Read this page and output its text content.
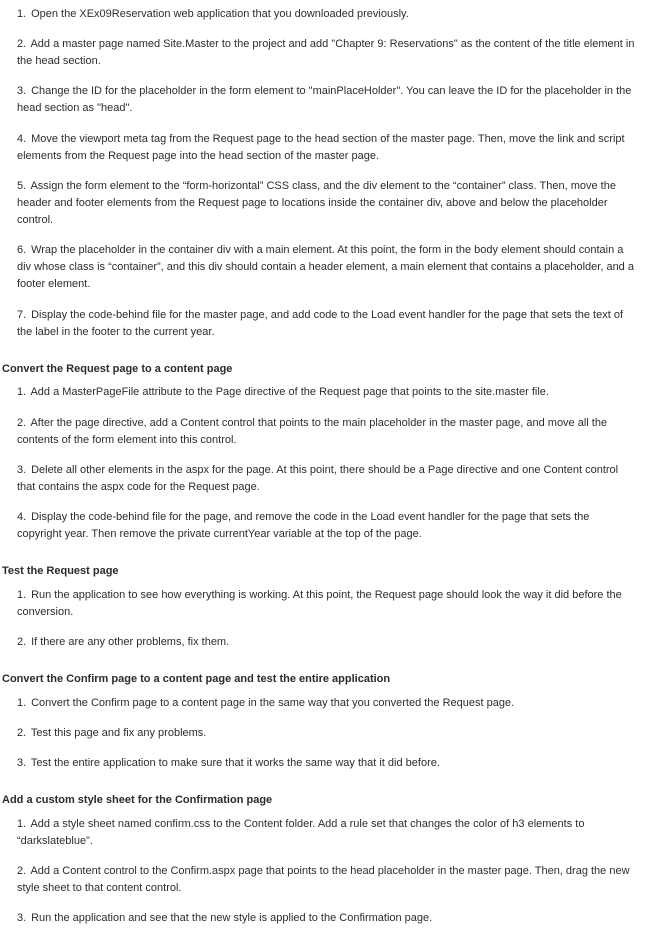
1. Open the XEx09Reservation web application that you downloaded previously.
2. Add a master page named Site.Master to the project and add "Chapter 9: Reservations" as the content of the title element in the head section.
3. Change the ID for the placeholder in the form element to "mainPlaceHolder". You can leave the ID for the placeholder in the head section as "head".
4. Move the viewport meta tag from the Request page to the head section of the master page. Then, move the link and script elements from the Request page into the head section of the master page.
5. Assign the form element to the “form-horizontal” CSS class, and the div element to the “container” class. Then, move the header and footer elements from the Request page to locations inside the container div, above and below the placeholder control.
6. Wrap the placeholder in the container div with a main element. At this point, the form in the body element should contain a div whose class is “container”, and this div should contain a header element, a main element that contains a placeholder, and a footer element.
7. Display the code-behind file for the master page, and add code to the Load event handler for the page that sets the text of the label in the footer to the current year.
Convert the Request page to a content page
1. Add a MasterPageFile attribute to the Page directive of the Request page that points to the site.master file.
2. After the page directive, add a Content control that points to the main placeholder in the master page, and move all the contents of the form element into this control.
3. Delete all other elements in the aspx for the page. At this point, there should be a Page directive and one Content control that contains the aspx code for the Request page.
4. Display the code-behind file for the page, and remove the code in the Load event handler for the page that sets the copyright year. Then remove the private currentYear variable at the top of the page.
Test the Request page
1. Run the application to see how everything is working. At this point, the Request page should look the way it did before the conversion.
2. If there are any other problems, fix them.
Convert the Confirm page to a content page and test the entire application
1. Convert the Confirm page to a content page in the same way that you converted the Request page.
2. Test this page and fix any problems.
3. Test the entire application to make sure that it works the same way that it did before.
Add a custom style sheet for the Confirmation page
1. Add a style sheet named confirm.css to the Content folder. Add a rule set that changes the color of h3 elements to “darkslateblue”.
2. Add a Content control to the Confirm.aspx page that points to the head placeholder in the master page. Then, drag the new style sheet to that content control.
3. Run the application and see that the new style is applied to the Confirmation page.
